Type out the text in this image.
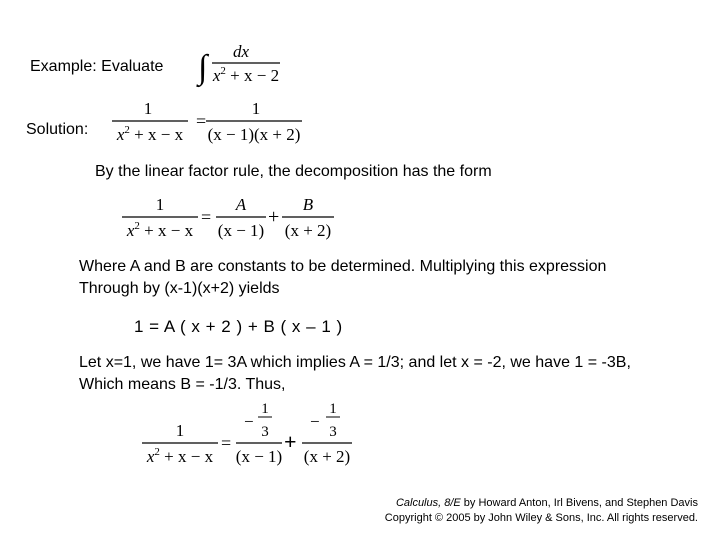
Example: Evaluate ∫ dx
$x^2 + x - 2$
Solution:
1
$x^2 + x - x$
=
1
(x − 1)(x + 2)
By the linear factor rule, the decomposition has the form
1
$x^2 + x - x$
=
A
(x − 1)
+
B
(x + 2)
Where A and B are constants to be determined. Multiplying this expression
Through by (x-1)(x+2) yields
1 = A ( x + 2 ) + B ( x – 1 )
Let x=1, we have 1= 3A which implies A = 1/3; and let x = -2, we have 1 = -3B,
Which means B = -1/3. Thus,
1
$x^2 + x - x$
=
−
1
3
(x − 1)
+
−
1
3
(x + 2)
Calculus, 8/E by Howard Anton, Irl Bivens, and Stephen Davis
Copyright © 2005 by John Wiley & Sons, Inc. All rights reserved.
